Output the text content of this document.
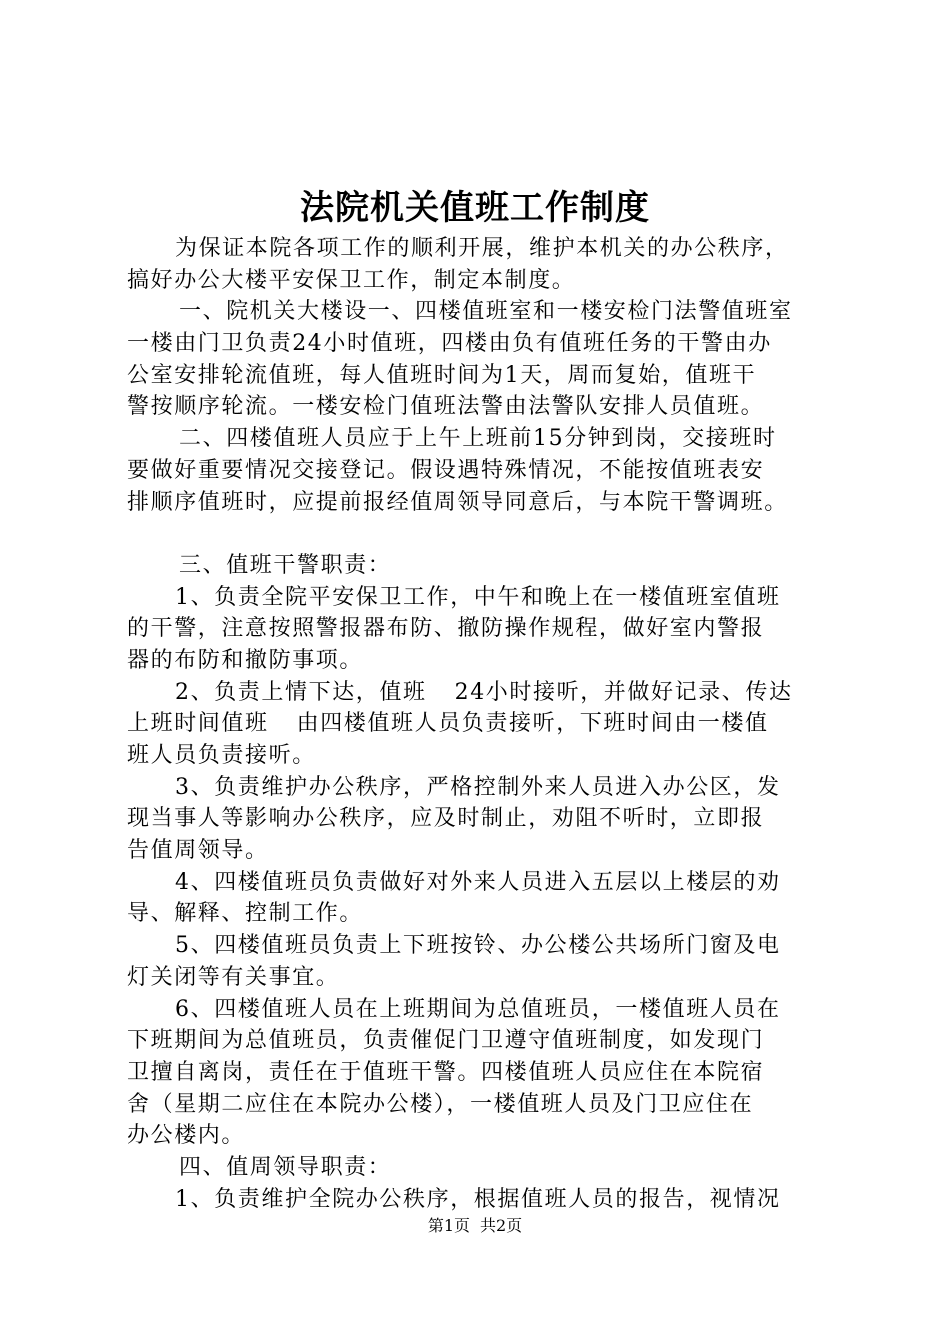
法院机关值班工作制度
为保证本院各项工作的顺利开展，维护本机关的办公秩序，
搞好办公大楼平安保卫工作，制定本制度。
一、院机关大楼设一、四楼值班室和一楼安检门法警值班室
一楼由门卫负责24小时值班，四楼由负有值班任务的干警由办
公室安排轮流值班，每人值班时间为1天，周而复始，值班干
警按顺序轮流。一楼安检门值班法警由法警队安排人员值班。
二、四楼值班人员应于上午上班前15分钟到岗，交接班时
要做好重要情况交接登记。假设遇特殊情况，不能按值班表安
排顺序值班时，应提前报经值周领导同意后，与本院干警调班。
三、值班干警职责：
1、负责全院平安保卫工作，中午和晚上在一楼值班室值班
的干警，注意按照警报器布防、撤防操作规程，做好室内警报
器的布防和撤防事项。
2、负责上情下达，值班 24小时接听，并做好记录、传达
上班时间值班 由四楼值班人员负责接听，下班时间由一楼值
班人员负责接听。
3、负责维护办公秩序，严格控制外来人员进入办公区，发
现当事人等影响办公秩序，应及时制止，劝阻不听时，立即报
告值周领导。
4、四楼值班员负责做好对外来人员进入五层以上楼层的劝
导、解释、控制工作。
5、四楼值班员负责上下班按铃、办公楼公共场所门窗及电
灯关闭等有关事宜。
6、四楼值班人员在上班期间为总值班员，一楼值班人员在
下班期间为总值班员，负责催促门卫遵守值班制度，如发现门
卫擅自离岗，责任在于值班干警。四楼值班人员应住在本院宿
舍（星期二应住在本院办公楼），一楼值班人员及门卫应住在
办公楼内。
四、值周领导职责：
1、负责维护全院办公秩序，根据值班人员的报告，视情况
第1页 共2页
